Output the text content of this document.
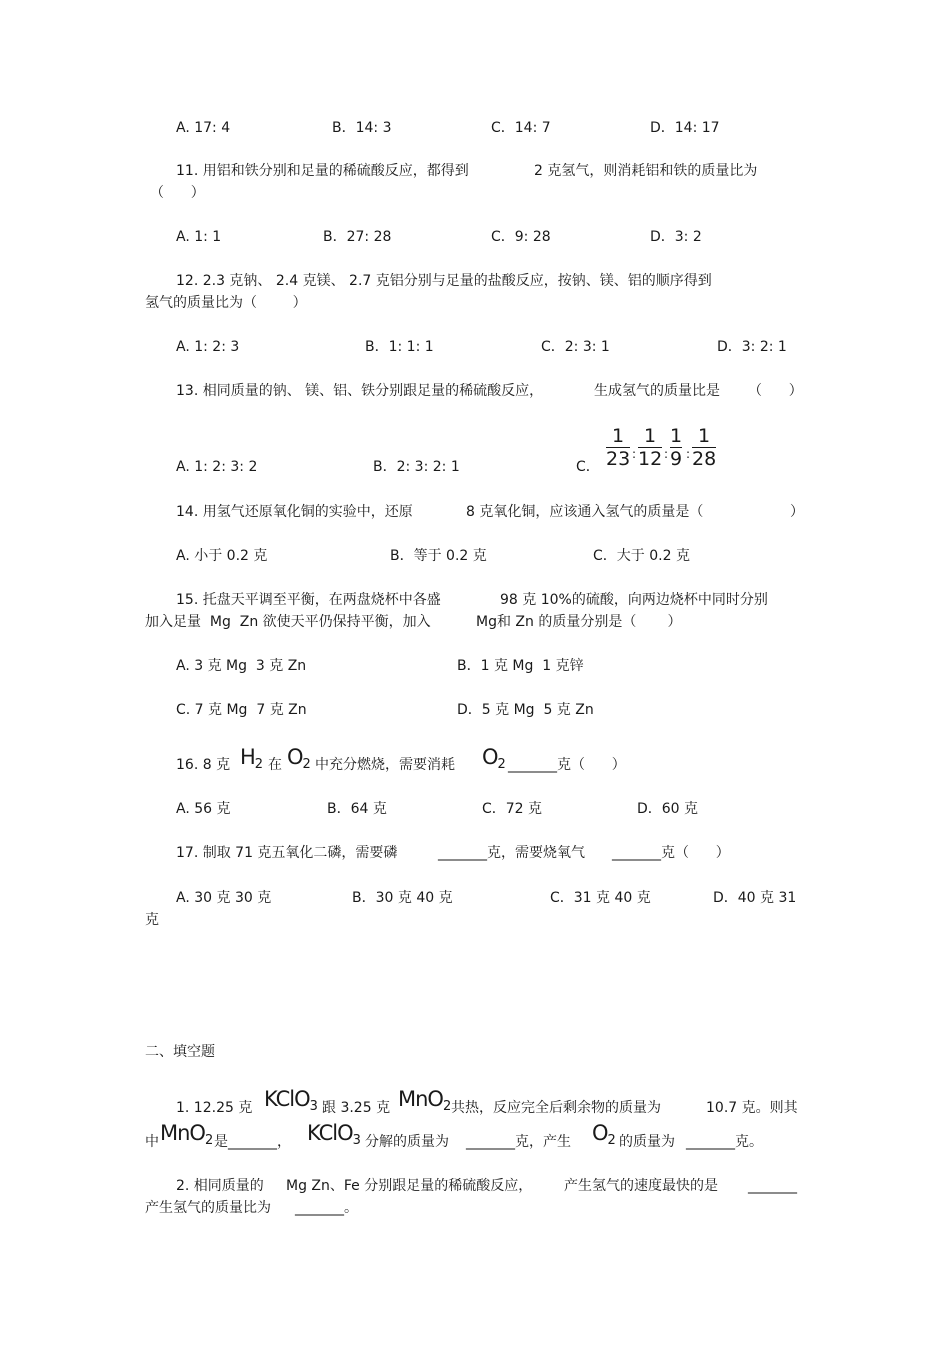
A. 17: 4	B．14: 3	C．14: 7	D．14: 17
11. 用铝和铁分别和足量的稀硫酸反应，都得到	2 克氢气，则消耗铝和铁的质量比为
（      ）
A. 1: 1	B．27: 28	C．9: 28	D．3: 2
12. 2.3 克钠、 2.4 克镁、 2.7 克铝分别与足量的盐酸反应，按钠、镁、铝的顺序得到
氢气的质量比为（        ）
A. 1: 2: 3	B．1: 1: 1	C．2: 3: 1	D．3: 2: 1
13. 相同质量的钠、 镁、铝、铁分别跟足量的稀硫酸反应，	生成氢气的质量比是 （      ）
A. 1: 2: 3: 2	B．2: 3: 2: 1	C．
1
23 :
1
12 :
1
9 :
1
28
14. 用氢气还原氧化铜的实验中，还原	8 克氧化铜，应该通入氢气的质量是（	）
A. 小于 0.2 克	B．等于 0.2 克	C．大于 0.2 克
15. 托盘天平调至平衡，在两盘烧杯中各盛	98 克 10%的硫酸，向两边烧杯中同时分别
加入足量  Mg  Zn 欲使天平仍保持平衡，加入	Mg和 Zn 的质量分别是（       ）
A. 3 克 Mg  3 克 Zn	B．1 克 Mg  1 克锌
C. 7 克 Mg  7 克 Zn	D．5 克 Mg  5 克 Zn
16. 8 克 $H_2$ 在 $O_2$ 中充分燃烧，需要消耗 $O_2$ _______克（      ）
A. 56 克	B．64 克	C．72 克	D．60 克
17. 制取 71 克五氧化二磷，需要磷	_______克，需要烧氧气 _______克（      ）
A. 30 克 30 克	B．30 克 40 克	C．31 克 40 克	D．40 克 31
克
二、填空题
1. 12.25 克 KClO$_3$ 跟 3.25 克 MnO$_2$ 共热，反应完全后剩余物的质量为	10.7 克。则其
中 MnO$_2$ 是_______， KClO$_3$ 分解的质量为 _______克，产生 $O_2$ 的质量为 _______克。
2. 相同质量的 Mg Zn、Fe 分别跟足量的稀硫酸反应， 产生氢气的速度最快的是 _______
产生氢气的质量比为 _______。
